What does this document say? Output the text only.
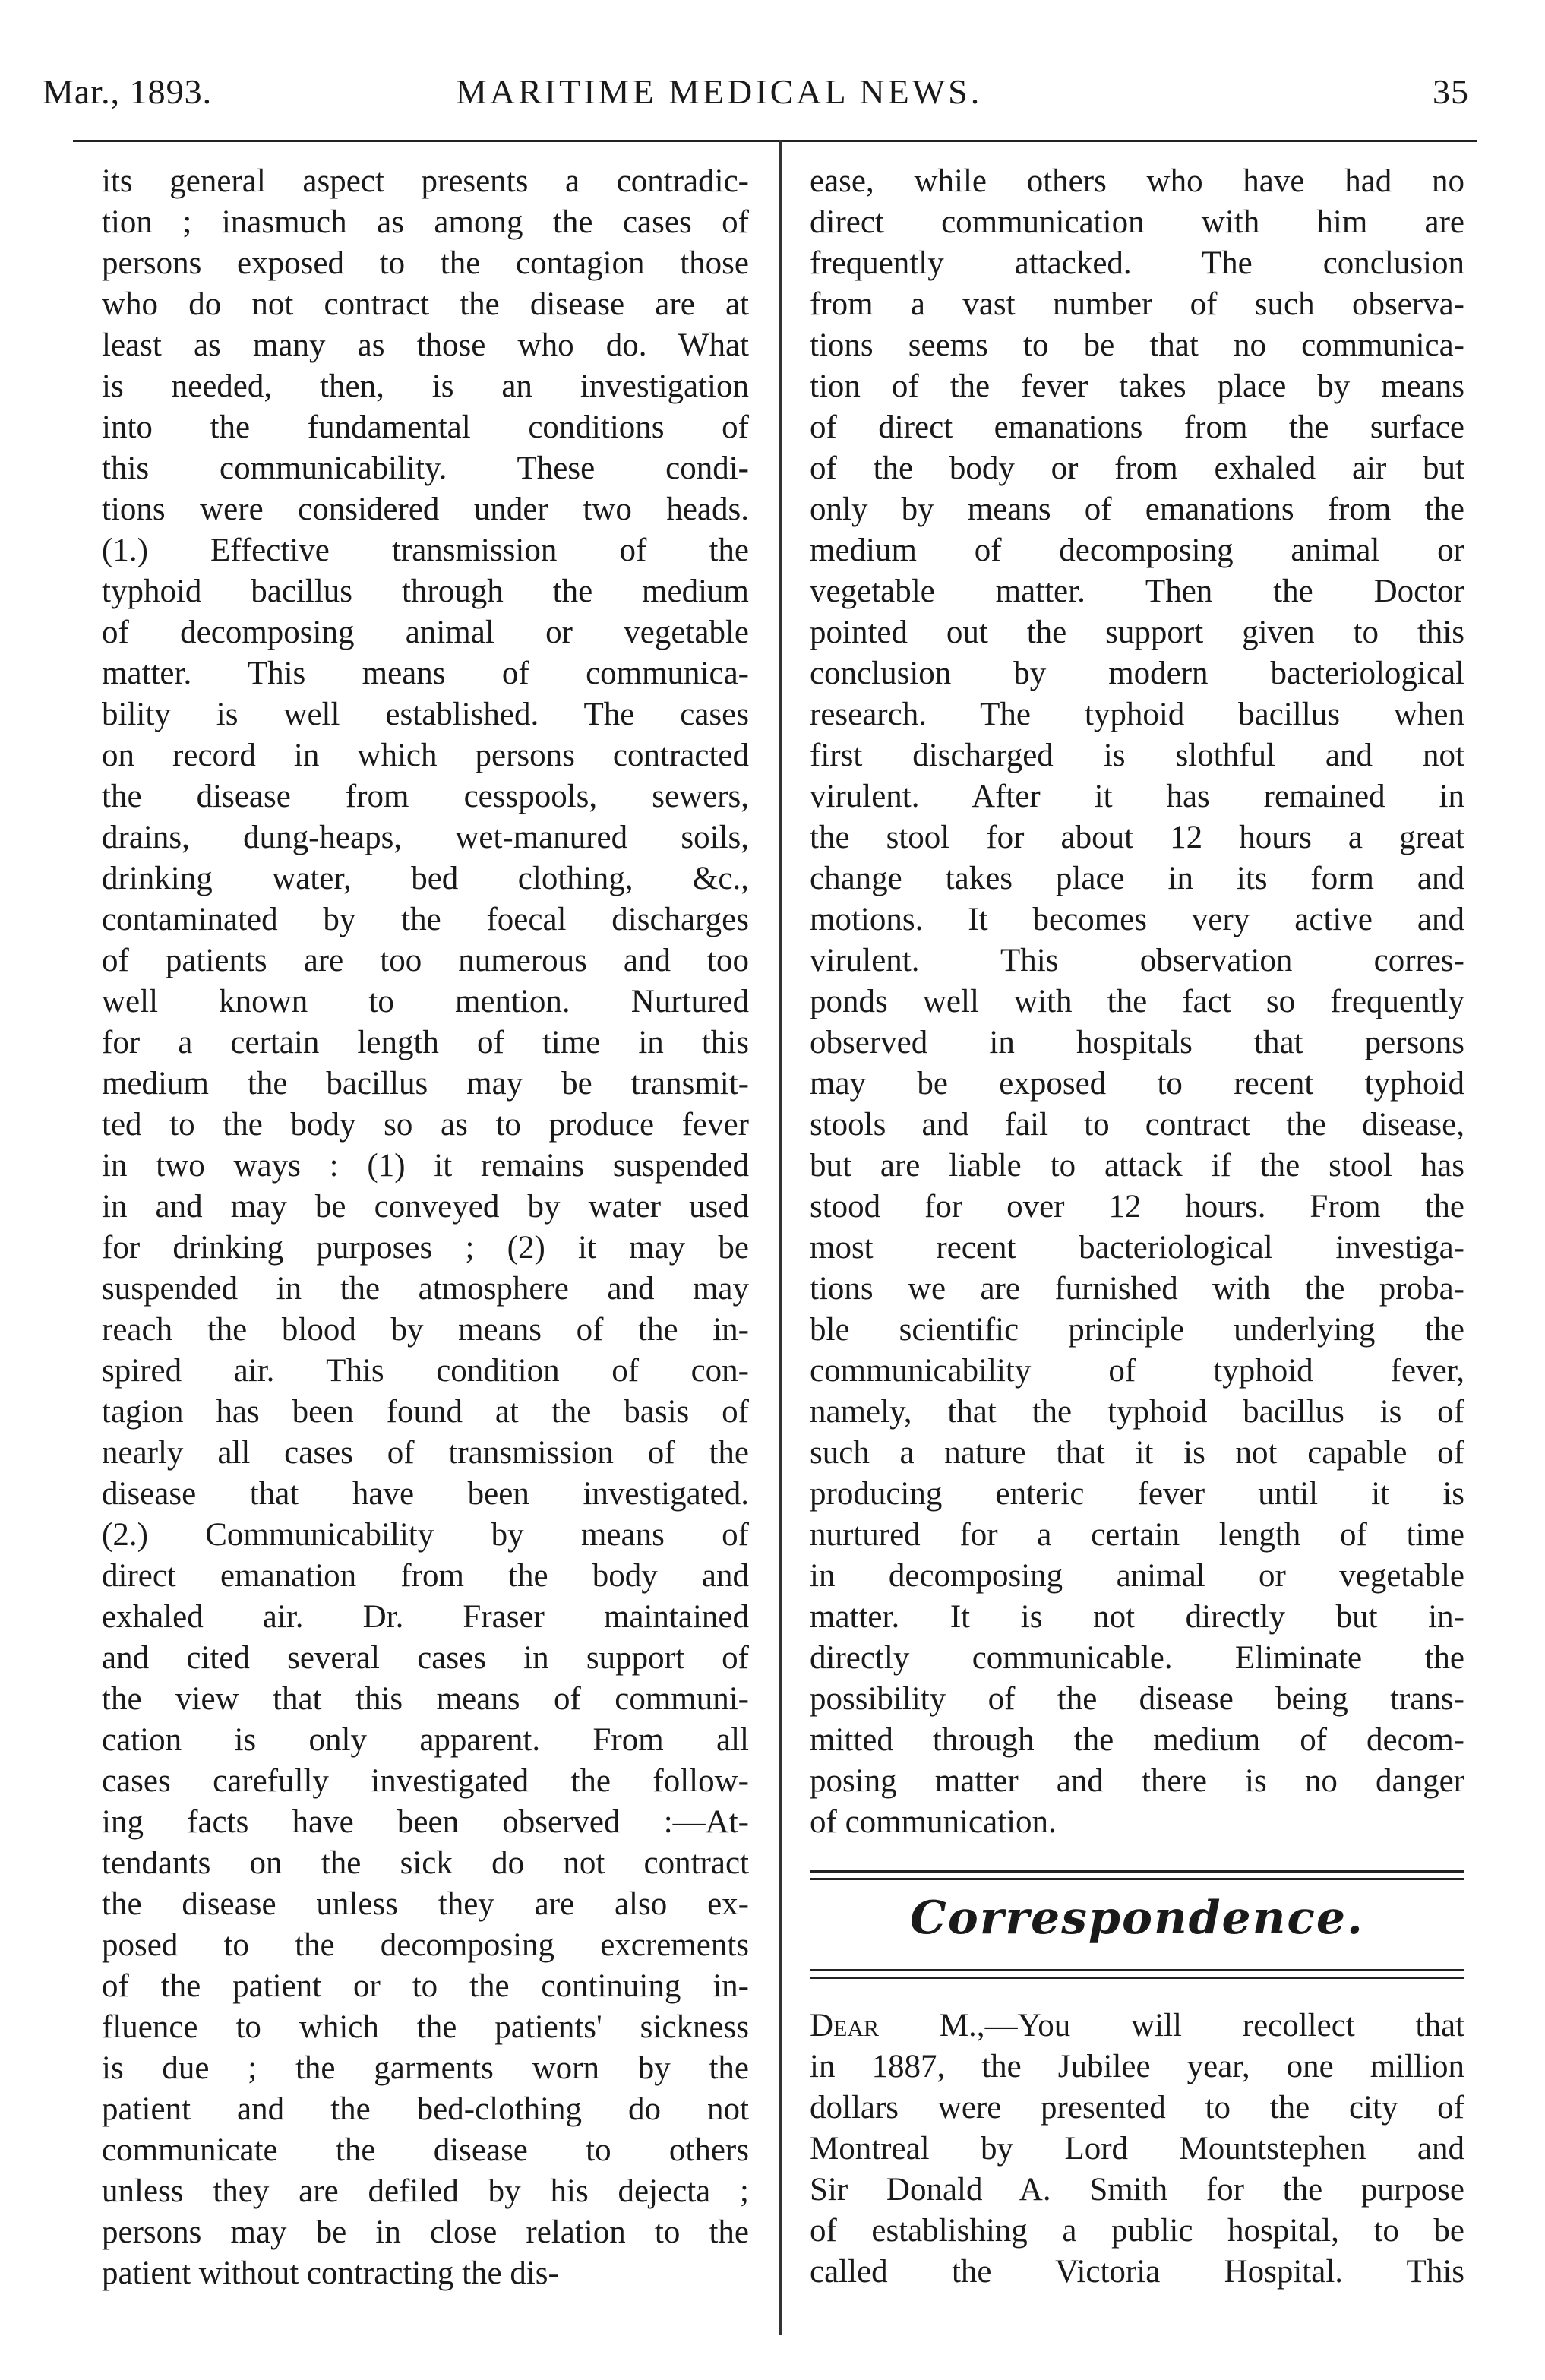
Mar., 1893.	MARITIME MEDICAL NEWS.	35
its general aspect presents a contradic-
tion ; inasmuch as among the cases of
persons exposed to the contagion those
who do not contract the disease are at
least as many as those who do. What
is needed, then, is an investigation
into the fundamental conditions of
this communicability. These condi-
tions were considered under two heads.
(1.) Effective transmission of the
typhoid bacillus through the medium
of decomposing animal or vegetable
matter. This means of communica-
bility is well established. The cases
on record in which persons contracted
the disease from cesspools, sewers,
drains, dung-heaps, wet-manured soils,
drinking water, bed clothing, &c.,
contaminated by the foecal discharges
of patients are too numerous and too
well known to mention. Nurtured
for a certain length of time in this
medium the bacillus may be transmit-
ted to the body so as to produce fever
in two ways : (1) it remains suspended
in and may be conveyed by water used
for drinking purposes ; (2) it may be
suspended in the atmosphere and may
reach the blood by means of the in-
spired air. This condition of con-
tagion has been found at the basis of
nearly all cases of transmission of the
disease that have been investigated.
(2.) Communicability by means of
direct emanation from the body and
exhaled air. Dr. Fraser maintained
and cited several cases in support of
the view that this means of communi-
cation is only apparent. From all
cases carefully investigated the follow-
ing facts have been observed :—At-
tendants on the sick do not contract
the disease unless they are also ex-
posed to the decomposing excrements
of the patient or to the continuing in-
fluence to which the patients' sickness
is due ; the garments worn by the
patient and the bed-clothing do not
communicate the disease to others
unless they are defiled by his dejecta ;
persons may be in close relation to the
patient without contracting the dis-
ease, while others who have had no
direct communication with him are
frequently attacked. The conclusion
from a vast number of such observa-
tions seems to be that no communica-
tion of the fever takes place by means
of direct emanations from the surface
of the body or from exhaled air but
only by means of emanations from the
medium of decomposing animal or
vegetable matter. Then the Doctor
pointed out the support given to this
conclusion by modern bacteriological
research. The typhoid bacillus when
first discharged is slothful and not
virulent. After it has remained in
the stool for about 12 hours a great
change takes place in its form and
motions. It becomes very active and
virulent. This observation corres-
ponds well with the fact so frequently
observed in hospitals that persons
may be exposed to recent typhoid
stools and fail to contract the disease,
but are liable to attack if the stool has
stood for over 12 hours. From the
most recent bacteriological investiga-
tions we are furnished with the proba-
ble scientific principle underlying the
communicability of typhoid fever,
namely, that the typhoid bacillus is of
such a nature that it is not capable of
producing enteric fever until it is
nurtured for a certain length of time
in decomposing animal or vegetable
matter. It is not directly but in-
directly communicable. Eliminate the
possibility of the disease being trans-
mitted through the medium of decom-
posing matter and there is no danger
of communication.
Correspondence.
Dear M.,—You will recollect that
in 1887, the Jubilee year, one million
dollars were presented to the city of
Montreal by Lord Mountstephen and
Sir Donald A. Smith for the purpose
of establishing a public hospital, to be
called the Victoria Hospital. This
